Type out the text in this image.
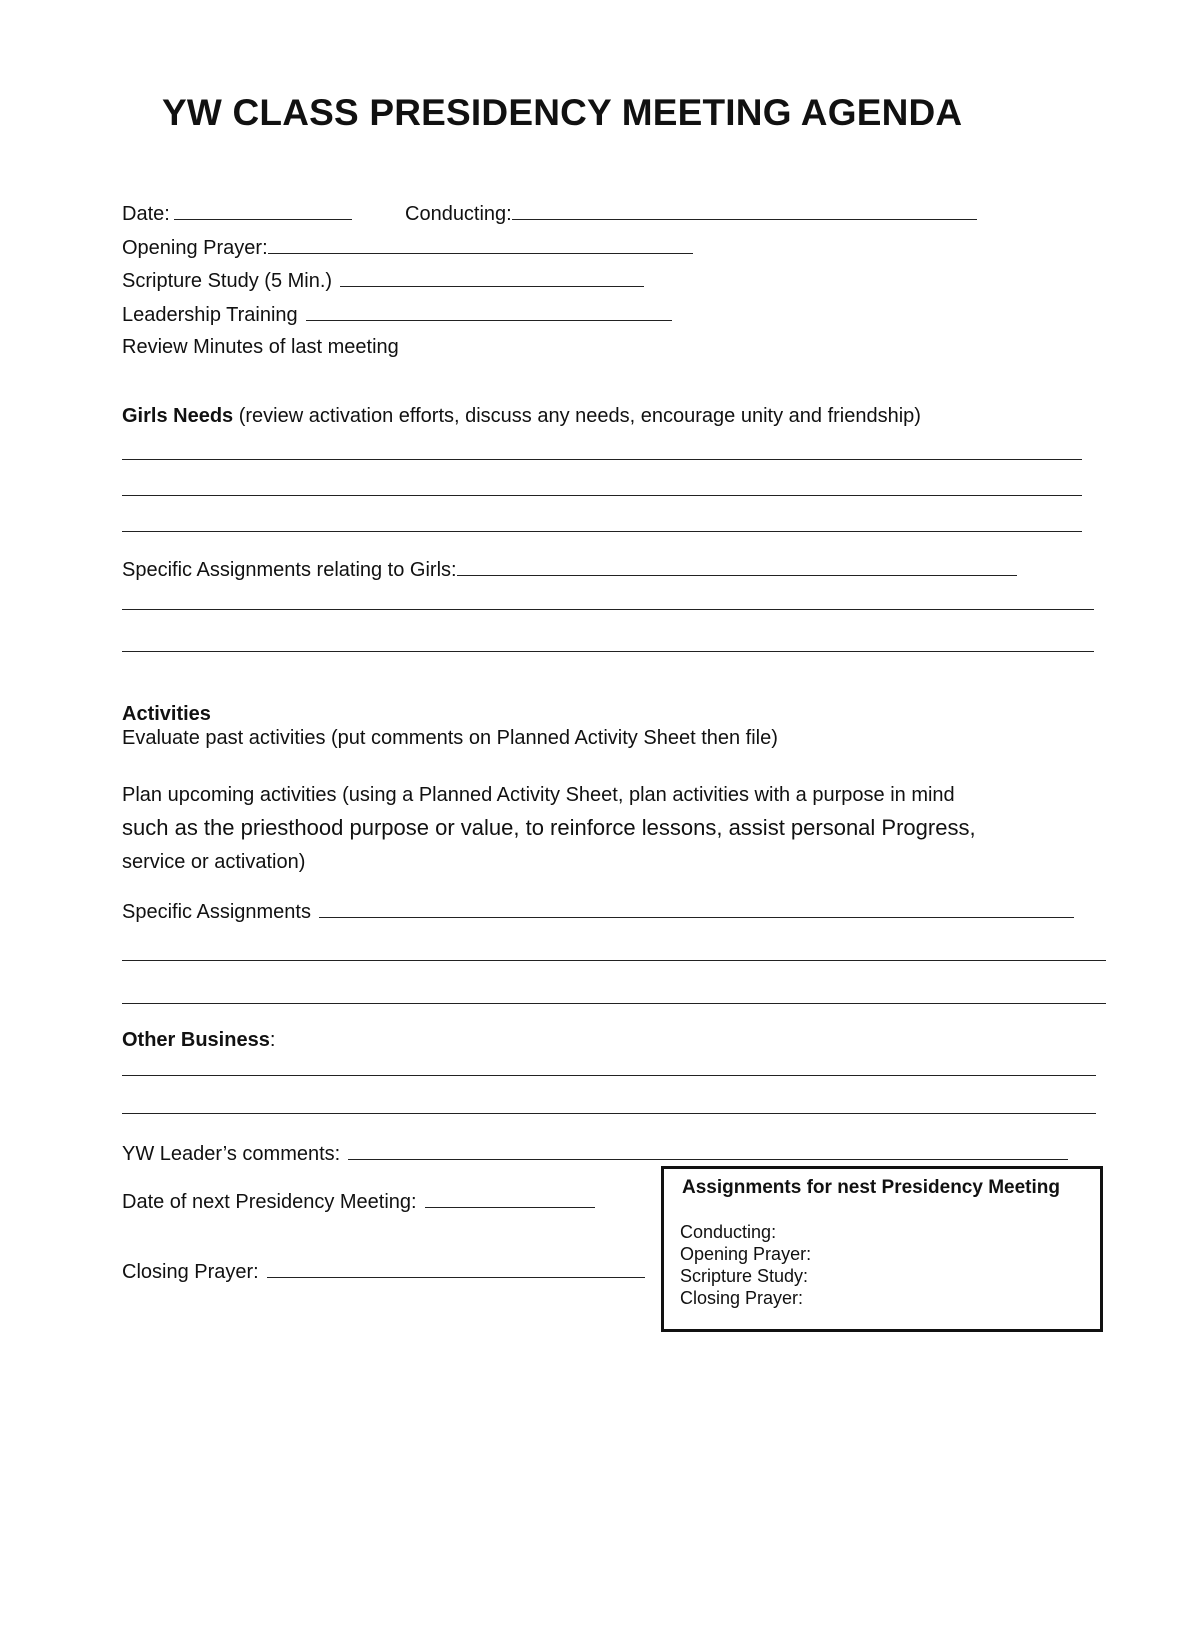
YW CLASS PRESIDENCY MEETING AGENDA
Date:	Conducting:
Opening Prayer:
Scripture Study (5 Min.)
Leadership Training
Review Minutes of last meeting
Girls Needs (review activation efforts, discuss any needs, encourage unity and friendship)
Specific Assignments relating to Girls:
Activities
Evaluate past activities (put comments on Planned Activity Sheet then file)
Plan upcoming activities (using a Planned Activity Sheet, plan activities with a purpose in mind
such as the priesthood purpose or value, to reinforce lessons, assist personal Progress,
service or activation)
Specific Assignments
Other Business:
YW Leader’s comments:
Date of next Presidency Meeting:
Closing Prayer:
Assignments for nest Presidency Meeting
Conducting:
Opening Prayer:
Scripture Study:
Closing Prayer:
